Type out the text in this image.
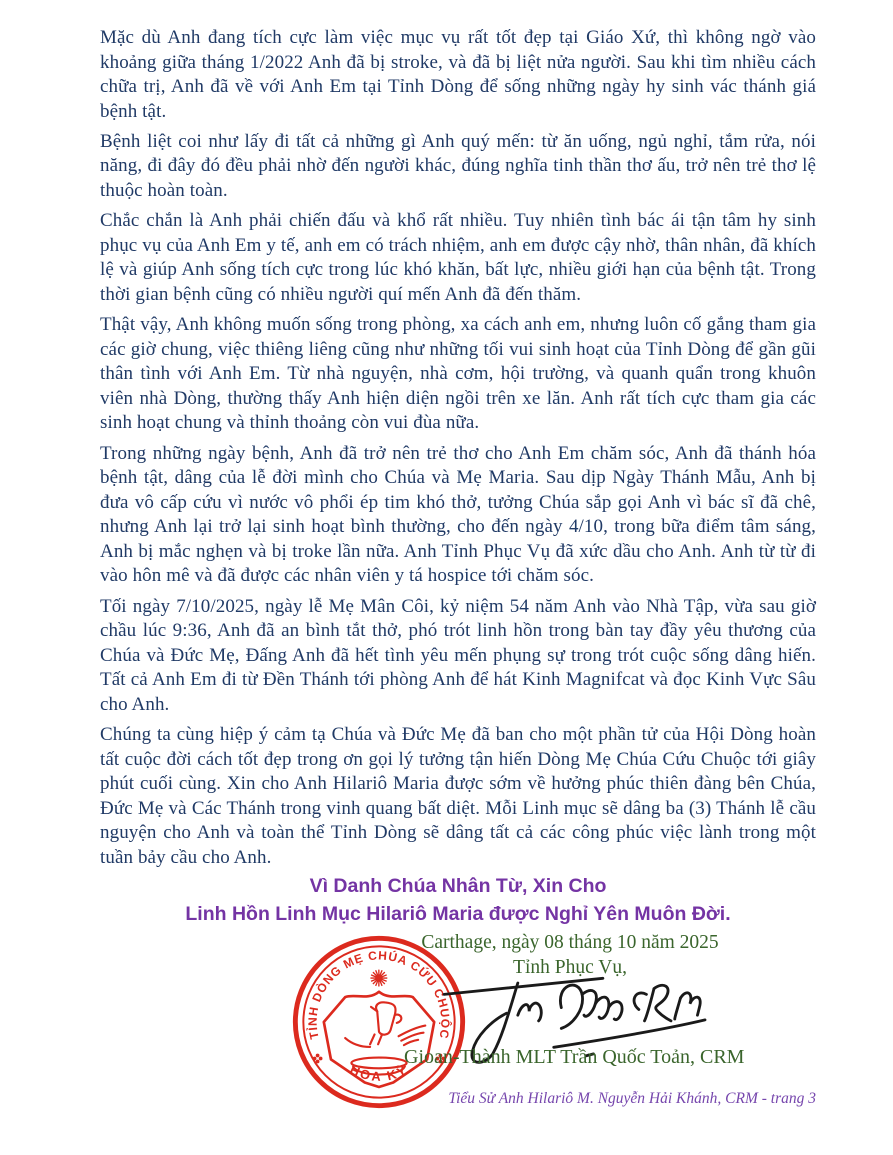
Mặc dù Anh đang tích cực làm việc mục vụ rất tốt đẹp tại Giáo Xứ, thì không ngờ vào khoảng giữa tháng 1/2022 Anh đã bị stroke, và đã bị liệt nửa người. Sau khi tìm nhiều cách chữa trị, Anh đã về với Anh Em tại Tỉnh Dòng để sống những ngày hy sinh vác thánh giá bệnh tật.

Bệnh liệt coi như lấy đi tất cả những gì Anh quý mến: từ ăn uống, ngủ nghỉ, tắm rửa, nói năng, đi đây đó đều phải nhờ đến người khác, đúng nghĩa tinh thần thơ ấu, trở nên trẻ thơ lệ thuộc hoàn toàn.

Chắc chắn là Anh phải chiến đấu và khổ rất nhiều. Tuy nhiên tình bác ái tận tâm hy sinh phục vụ của Anh Em y tế, anh em có trách nhiệm, anh em được cậy nhờ, thân nhân, đã khích lệ và giúp Anh sống tích cực trong lúc khó khăn, bất lực, nhiều giới hạn của bệnh tật. Trong thời gian bệnh cũng có nhiều người quí mến Anh đã đến thăm.

Thật vậy, Anh không muốn sống trong phòng, xa cách anh em, nhưng luôn cố gắng tham gia các giờ chung, việc thiêng liêng cũng như những tối vui sinh hoạt của Tỉnh Dòng để gần gũi thân tình với Anh Em. Từ nhà nguyện, nhà cơm, hội trường, và quanh quẩn trong khuôn viên nhà Dòng, thường thấy Anh hiện diện ngồi trên xe lăn. Anh rất tích cực tham gia các sinh hoạt chung và thỉnh thoảng còn vui đùa nữa.

Trong những ngày bệnh, Anh đã trở nên trẻ thơ cho Anh Em chăm sóc, Anh đã thánh hóa bệnh tật, dâng của lễ đời mình cho Chúa và Mẹ Maria. Sau dịp Ngày Thánh Mẫu, Anh bị đưa vô cấp cứu vì nước vô phổi ép tim khó thở, tưởng Chúa sắp gọi Anh vì bác sĩ đã chê, nhưng Anh lại trở lại sinh hoạt bình thường, cho đến ngày 4/10, trong bữa điểm tâm sáng, Anh bị mắc nghẹn và bị troke lần nữa. Anh Tỉnh Phục Vụ đã xức dầu cho Anh. Anh từ từ đi vào hôn mê và đã được các nhân viên y tá hospice tới chăm sóc.

Tối ngày 7/10/2025, ngày lễ Mẹ Mân Côi, kỷ niệm 54 năm Anh vào Nhà Tập, vừa sau giờ chầu lúc 9:36, Anh đã an bình tắt thở, phó trót linh hồn trong bàn tay đầy yêu thương của Chúa và Đức Mẹ, Đấng Anh đã hết tình yêu mến phụng sự trong trót cuộc sống dâng hiến. Tất cả Anh Em đi từ Đền Thánh tới phòng Anh để hát Kinh Magnifcat và đọc Kinh Vực Sâu cho Anh.

Chúng ta cùng hiệp ý cảm tạ Chúa và Đức Mẹ đã ban cho một phần tử của Hội Dòng hoàn tất cuộc đời cách tốt đẹp trong ơn gọi lý tưởng tận hiến Dòng Mẹ Chúa Cứu Chuộc tới giây phút cuối cùng. Xin cho Anh Hilariô Maria được sớm về hưởng phúc thiên đàng bên Chúa, Đức Mẹ và Các Thánh trong vinh quang bất diệt. Mỗi Linh mục sẽ dâng ba (3) Thánh lễ cầu nguyện cho Anh và toàn thể Tỉnh Dòng sẽ dâng tất cả các công phúc việc lành trong một tuần bảy cầu cho Anh.

Vì Danh Chúa Nhân Từ, Xin Cho
Linh Hồn Linh Mục Hilariô Maria được Nghỉ Yên Muôn Đời.
TỈNH DÒNG MẸ CHÚA CỨU CHUỘC
HOA KỲ
✺
Carthage, ngày 08 tháng 10 năm 2025
Tỉnh Phục Vụ,
Gioan-Thành MLT Trần Quốc Toản, CRM
Tiểu Sử Anh Hilariô M. Nguyễn Hải Khánh, CRM - trang 3
